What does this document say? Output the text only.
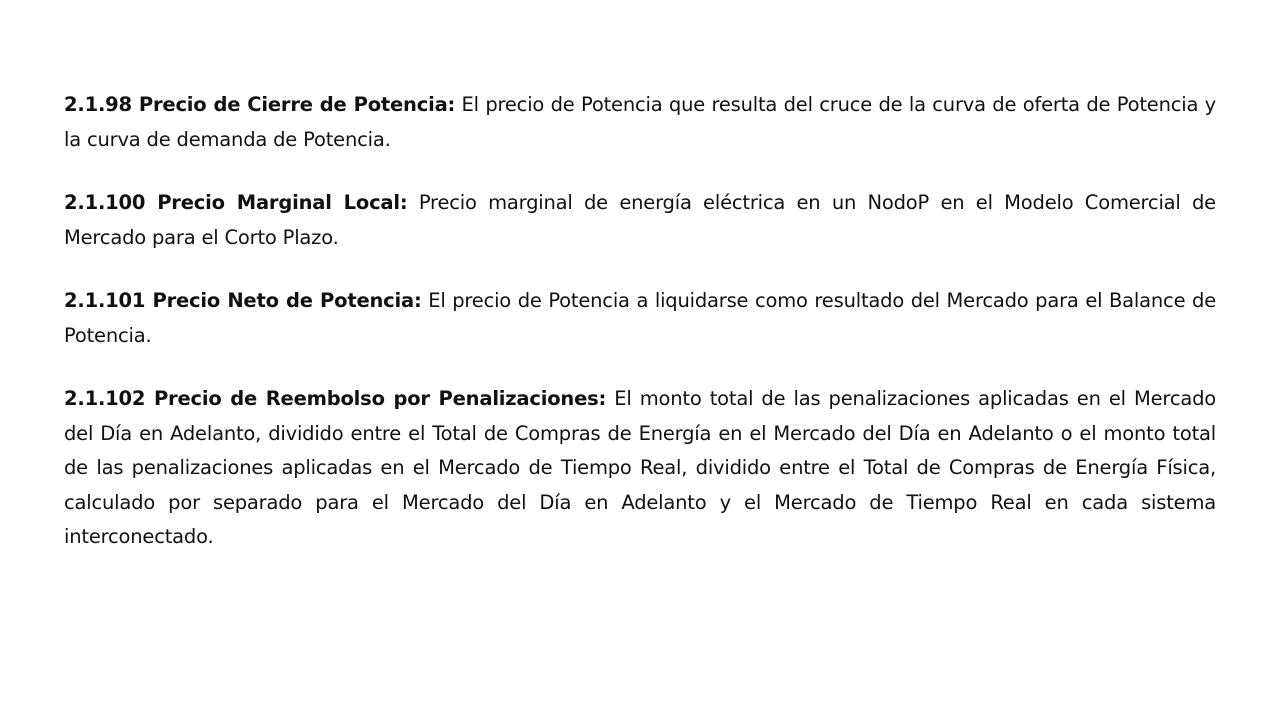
2.1.98 Precio de Cierre de Potencia: El precio de Potencia que resulta del cruce de la curva de oferta de Potencia y la curva de demanda de Potencia.

2.1.100 Precio Marginal Local: Precio marginal de energía eléctrica en un NodoP en el Modelo Comercial de Mercado para el Corto Plazo.

2.1.101 Precio Neto de Potencia: El precio de Potencia a liquidarse como resultado del Mercado para el Balance de Potencia.

2.1.102 Precio de Reembolso por Penalizaciones: El monto total de las penalizaciones aplicadas en el Mercado del Día en Adelanto, dividido entre el Total de Compras de Energía en el Mercado del Día en Adelanto o el monto total de las penalizaciones aplicadas en el Mercado de Tiempo Real, dividido entre el Total de Compras de Energía Física, calculado por separado para el Mercado del Día en Adelanto y el Mercado de Tiempo Real en cada sistema interconectado.
